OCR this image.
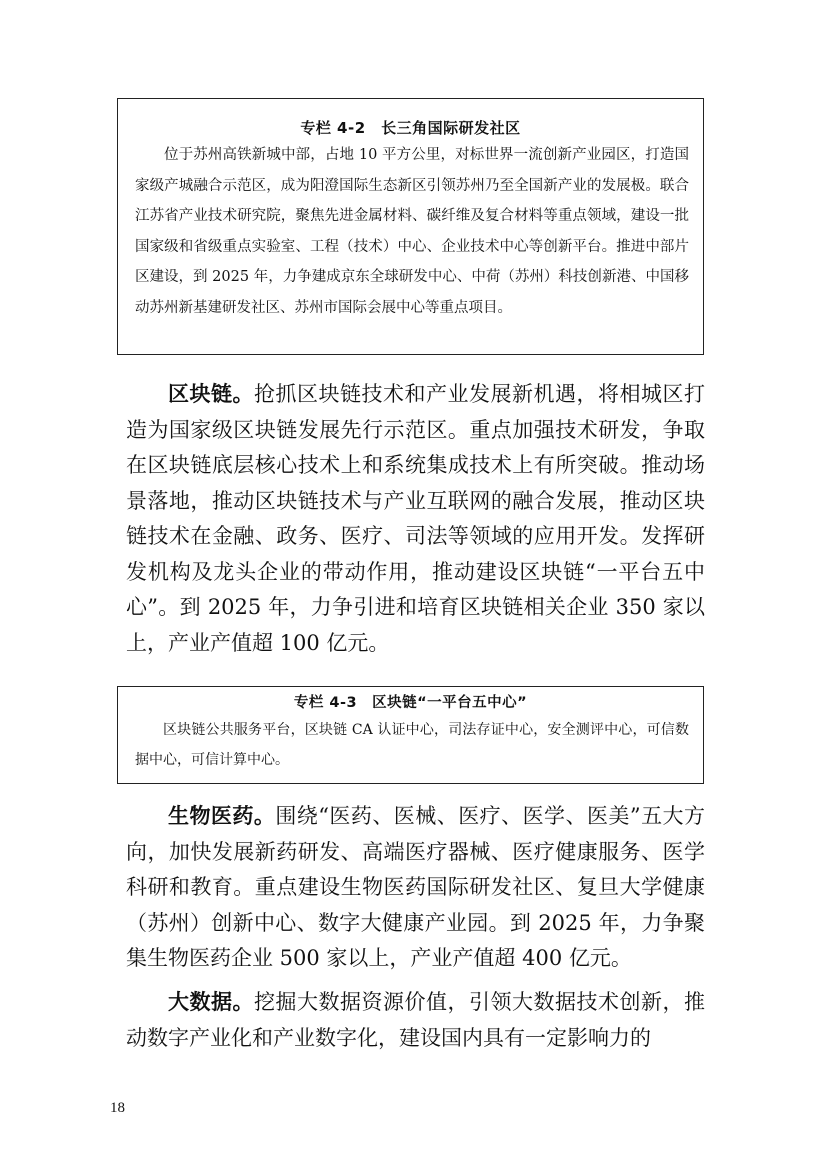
专栏 4-2　长三角国际研发社区
位于苏州高铁新城中部，占地 10 平方公里，对标世界一流创新产业园区，打造国家级产城融合示范区，成为阳澄国际生态新区引领苏州乃至全国新产业的发展极。联合江苏省产业技术研究院，聚焦先进金属材料、碳纤维及复合材料等重点领域，建设一批国家级和省级重点实验室、工程（技术）中心、企业技术中心等创新平台。推进中部片区建设，到 2025 年，力争建成京东全球研发中心、中荷（苏州）科技创新港、中国移动苏州新基建研发社区、苏州市国际会展中心等重点项目。
区块链。抢抓区块链技术和产业发展新机遇，将相城区打造为国家级区块链发展先行示范区。重点加强技术研发，争取在区块链底层核心技术上和系统集成技术上有所突破。推动场景落地，推动区块链技术与产业互联网的融合发展，推动区块链技术在金融、政务、医疗、司法等领域的应用开发。发挥研发机构及龙头企业的带动作用，推动建设区块链“一平台五中心”。到 2025 年，力争引进和培育区块链相关企业 350 家以上，产业产值超 100 亿元。
专栏 4-3　区块链“一平台五中心”
区块链公共服务平台，区块链 CA 认证中心，司法存证中心，安全测评中心，可信数据中心，可信计算中心。
生物医药。围绕“医药、医械、医疗、医学、医美”五大方向，加快发展新药研发、高端医疗器械、医疗健康服务、医学科研和教育。重点建设生物医药国际研发社区、复旦大学健康（苏州）创新中心、数字大健康产业园。到 2025 年，力争聚集生物医药企业 500 家以上，产业产值超 400 亿元。
大数据。挖掘大数据资源价值，引领大数据技术创新，推动数字产业化和产业数字化，建设国内具有一定影响力的
18
